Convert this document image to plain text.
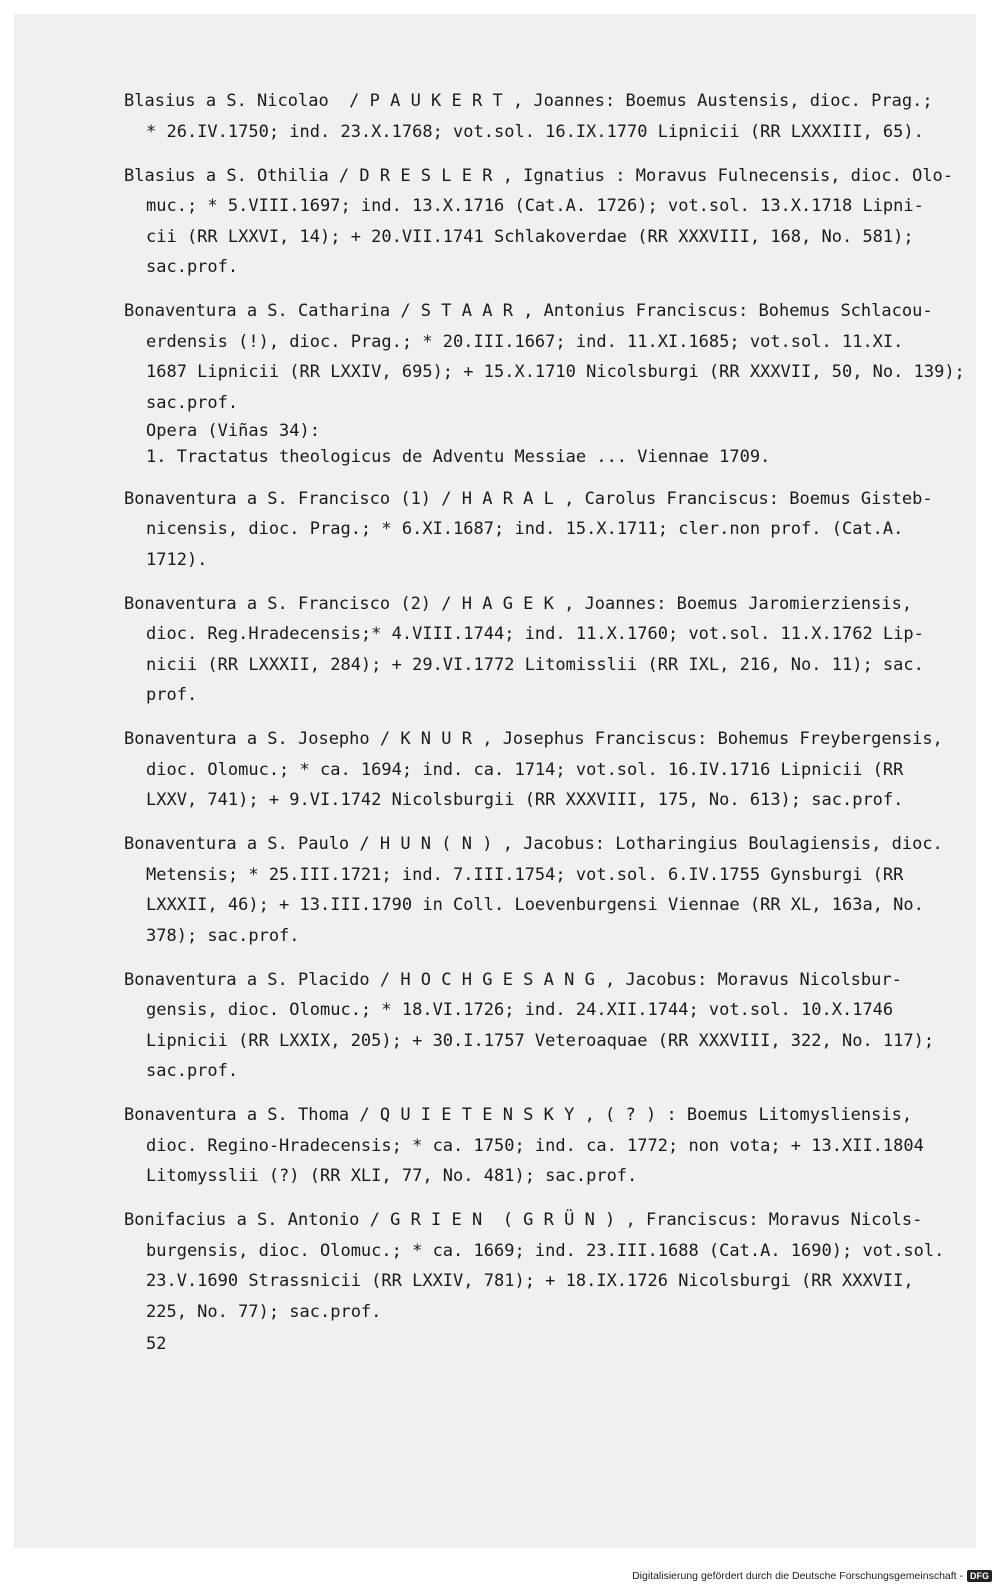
Blasius a S. Nicolao  / P A U K E R T , Joannes: Boemus Austensis, dioc. Prag.;
* 26.IV.1750; ind. 23.X.1768; vot.sol. 16.IX.1770 Lipnicii (RR LXXXIII, 65).
Blasius a S. Othilia / D R E S L E R , Ignatius : Moravus Fulnecensis, dioc. Olo-
muc.; * 5.VIII.1697; ind. 13.X.1716 (Cat.A. 1726); vot.sol. 13.X.1718 Lipni-
cii (RR LXXVI, 14); + 20.VII.1741 Schlakoverdae (RR XXXVIII, 168, No. 581);
sac.prof.
Bonaventura a S. Catharina / S T A A R , Antonius Franciscus: Bohemus Schlacou-
erdensis (!), dioc. Prag.; * 20.III.1667; ind. 11.XI.1685; vot.sol. 11.XI.
1687 Lipnicii (RR LXXIV, 695); + 15.X.1710 Nicolsburgi (RR XXXVII, 50, No. 139);
sac.prof.
Opera (Viñas 34):
1. Tractatus theologicus de Adventu Messiae ... Viennae 1709.
Bonaventura a S. Francisco (1) / H A R A L , Carolus Franciscus: Boemus Gisteb-
nicensis, dioc. Prag.; * 6.XI.1687; ind. 15.X.1711; cler.non prof. (Cat.A.
1712).
Bonaventura a S. Francisco (2) / H A G E K , Joannes: Boemus Jaromierziensis,
dioc. Reg.Hradecensis;* 4.VIII.1744; ind. 11.X.1760; vot.sol. 11.X.1762 Lip-
nicii (RR LXXXII, 284); + 29.VI.1772 Litomisslii (RR IXL, 216, No. 11); sac.
prof.
Bonaventura a S. Josepho / K N U R , Josephus Franciscus: Bohemus Freybergensis,
dioc. Olomuc.; * ca. 1694; ind. ca. 1714; vot.sol. 16.IV.1716 Lipnicii (RR
LXXV, 741); + 9.VI.1742 Nicolsburgii (RR XXXVIII, 175, No. 613); sac.prof.
Bonaventura a S. Paulo / H U N ( N ) , Jacobus: Lotharingius Boulagiensis, dioc.
Metensis; * 25.III.1721; ind. 7.III.1754; vot.sol. 6.IV.1755 Gynsburgi (RR
LXXXII, 46); + 13.III.1790 in Coll. Loevenburgensi Viennae (RR XL, 163a, No.
378); sac.prof.
Bonaventura a S. Placido / H O C H G E S A N G , Jacobus: Moravus Nicolsbur-
gensis, dioc. Olomuc.; * 18.VI.1726; ind. 24.XII.1744; vot.sol. 10.X.1746
Lipnicii (RR LXXIX, 205); + 30.I.1757 Veteroaquae (RR XXXVIII, 322, No. 117);
sac.prof.
Bonaventura a S. Thoma / Q U I E T E N S K Y , ( ? ) : Boemus Litomysliensis,
dioc. Regino-Hradecensis; * ca. 1750; ind. ca. 1772; non vota; + 13.XII.1804
Litomysslii (?) (RR XLI, 77, No. 481); sac.prof.
Bonifacius a S. Antonio / G R I E N  ( G R Ü N ) , Franciscus: Moravus Nicols-
burgensis, dioc. Olomuc.; * ca. 1669; ind. 23.III.1688 (Cat.A. 1690); vot.sol.
23.V.1690 Strassnicii (RR LXXIV, 781); + 18.IX.1726 Nicolsburgi (RR XXXVII,
225, No. 77); sac.prof.
52
Digitalisierung gefördert durch die Deutsche Forschungsgemeinschaft - DFG
